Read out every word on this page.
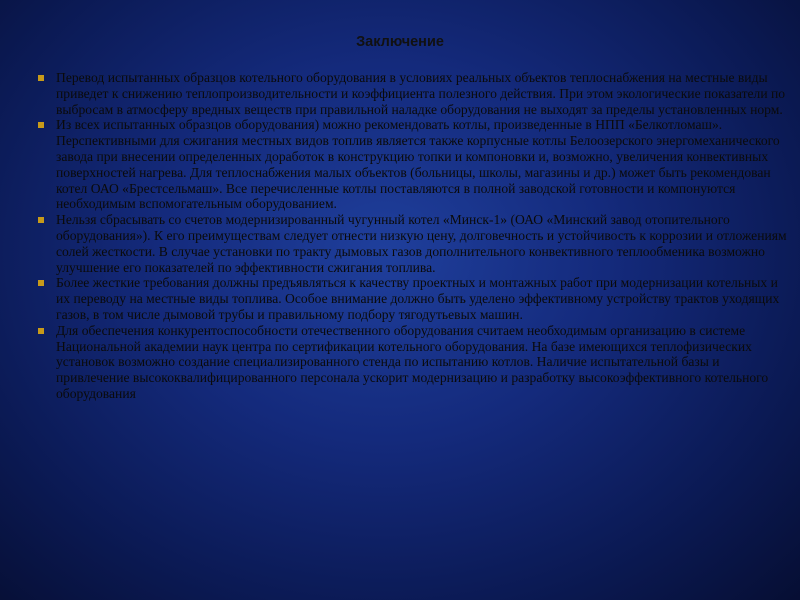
Заключение
Перевод испытанных образцов котельного оборудования в условиях реальных объектов теплоснабжения на местные виды приведет к снижению теплопроизводительности и коэффициента полезного действия. При этом экологические показатели по выбросам в атмосферу вредных веществ при правильной наладке оборудования не выходят за пределы установленных норм.
Из всех испытанных образцов оборудования) можно рекомендовать котлы, произведенные в НПП «Белкотломаш». Перспективными для сжигания местных видов топлив является также корпусные котлы Белоозерского энергомеханического завода при внесении определенных доработок в конструкцию топки и компоновки и, возможно, увеличения конвективных поверхностей нагрева. Для теплоснабжения малых объектов (больницы, школы, магазины и др.) может быть рекомендован котел ОАО «Брестсельмаш». Все перечисленные котлы поставляются в полной заводской готовности и компонуются необходимым вспомогательным оборудованием.
Нельзя сбрасывать со счетов модернизированный чугунный котел «Минск-1» (ОАО «Минский завод отопительного оборудования»). К его преимуществам следует отнести низкую цену, долговечность и устойчивость к коррозии и отложениям солей жесткости. В случае установки по тракту дымовых газов дополнительного конвективного теплообменика возможно улучшение его показателей по эффективности сжигания топлива.
Более жесткие требования должны предъявляться к качеству проектных и монтажных работ при модернизации котельных и их переводу на местные виды топлива. Особое внимание должно быть уделено эффективному устройству трактов уходящих газов, в том числе дымовой трубы и правильному подбору тягодутьевых машин.
Для обеспечения конкурентоспособности отечественного оборудования считаем необходимым организацию в системе Национальной академии наук центра по сертификации котельного оборудования. На базе имеющихся теплофизических установок возможно создание специализированного стенда по испытанию котлов. Наличие испытательной базы и привлечение высококвалифицированного персонала ускорит модернизацию и разработку высокоэффективного котельного оборудования
